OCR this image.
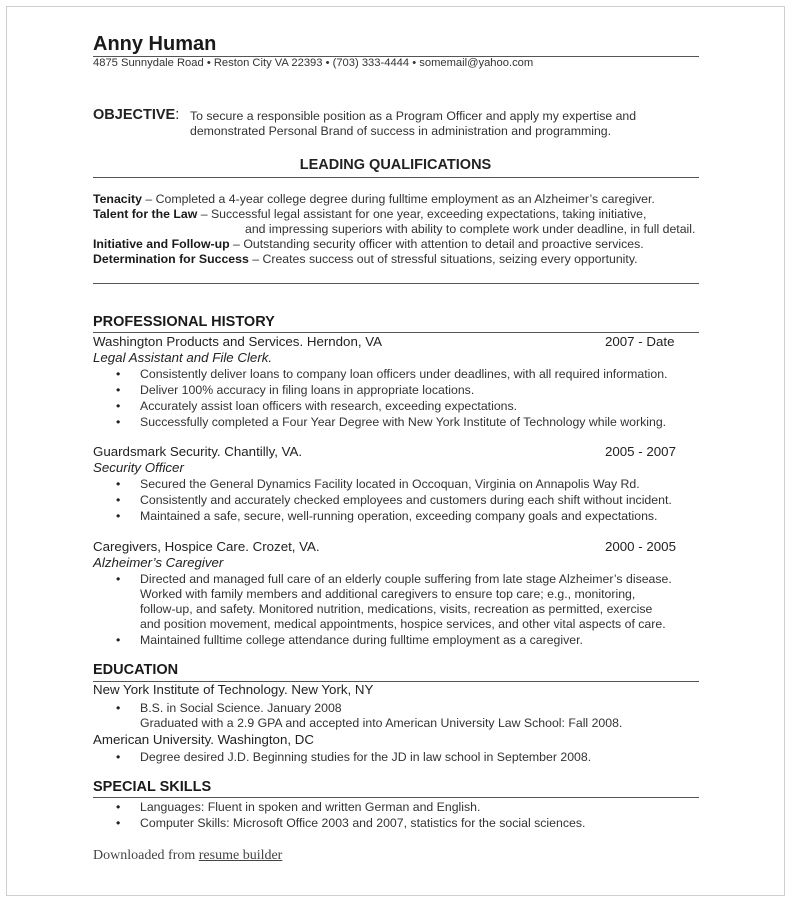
Anny Human
4875 Sunnydale Road • Reston City VA 22393 • (703) 333-4444 • somemail@yahoo.com
OBJECTIVE: To secure a responsible position as a Program Officer and apply my expertise and
demonstrated Personal Brand of success in administration and programming.
LEADING QUALIFICATIONS
Tenacity – Completed a 4-year college degree during fulltime employment as an Alzheimer’s caregiver.
Talent for the Law – Successful legal assistant for one year, exceeding expectations, taking initiative,
and impressing superiors with ability to complete work under deadline, in full detail.
Initiative and Follow-up – Outstanding security officer with attention to detail and proactive services.
Determination for Success – Creates success out of stressful situations, seizing every opportunity.
PROFESSIONAL HISTORY
Washington Products and Services. Herndon, VA	2007 - Date
Legal Assistant and File Clerk.
• Consistently deliver loans to company loan officers under deadlines, with all required information.
• Deliver 100% accuracy in filing loans in appropriate locations.
• Accurately assist loan officers with research, exceeding expectations.
• Successfully completed a Four Year Degree with New York Institute of Technology while working.
Guardsmark Security. Chantilly, VA.	2005 - 2007
Security Officer
• Secured the General Dynamics Facility located in Occoquan, Virginia on Annapolis Way Rd.
• Consistently and accurately checked employees and customers during each shift without incident.
• Maintained a safe, secure, well-running operation, exceeding company goals and expectations.
Caregivers, Hospice Care. Crozet, VA.	2000 - 2005
Alzheimer’s Caregiver
• Directed and managed full care of an elderly couple suffering from late stage Alzheimer’s disease.
Worked with family members and additional caregivers to ensure top care; e.g., monitoring,
follow-up, and safety. Monitored nutrition, medications, visits, recreation as permitted, exercise
and position movement, medical appointments, hospice services, and other vital aspects of care.
• Maintained fulltime college attendance during fulltime employment as a caregiver.
EDUCATION
New York Institute of Technology. New York, NY
• B.S. in Social Science. January 2008
Graduated with a 2.9 GPA and accepted into American University Law School: Fall 2008.
American University. Washington, DC
• Degree desired J.D. Beginning studies for the JD in law school in September 2008.
SPECIAL SKILLS
• Languages: Fluent in spoken and written German and English.
• Computer Skills: Microsoft Office 2003 and 2007, statistics for the social sciences.
Downloaded from resume builder
